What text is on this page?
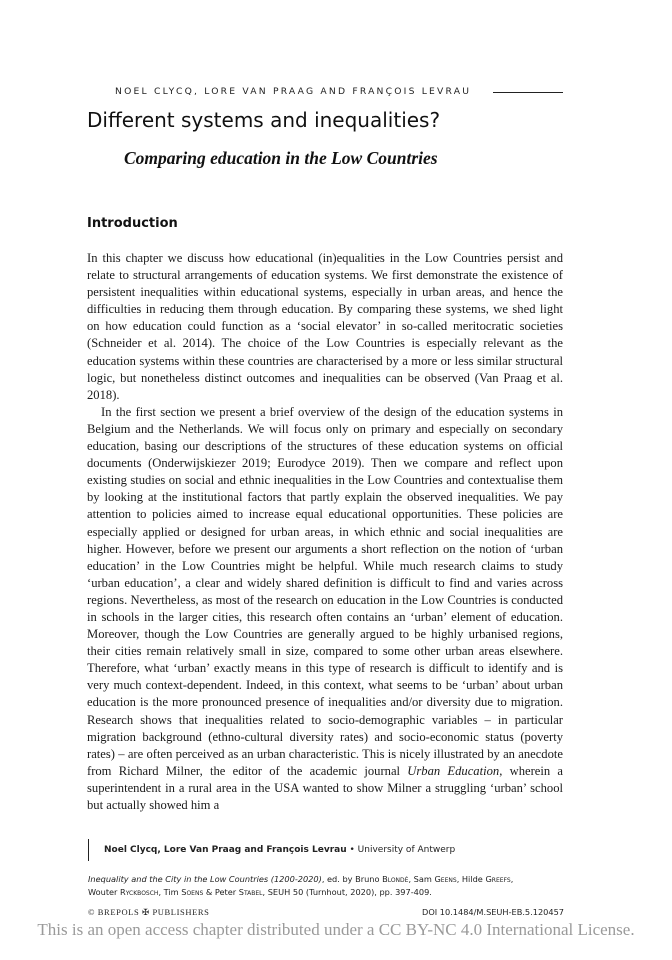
NOEL CLYCQ, LORE VAN PRAAG AND FRANÇOIS LEVRAU
Different systems and inequalities?
Comparing education in the Low Countries
Introduction

In this chapter we discuss how educational (in)equalities in the Low Countries persist and relate to structural arrangements of education systems. We first demonstrate the existence of persistent inequalities within educational systems, especially in urban areas, and hence the difficulties in reducing them through education. By comparing these systems, we shed light on how education could function as a ‘social elevator’ in so-called meritocratic societies (Schneider et al. 2014). The choice of the Low Countries is especially relevant as the education systems within these countries are characterised by a more or less similar structural logic, but nonetheless distinct outcomes and inequalities can be observed (Van Praag et al. 2018).

In the first section we present a brief overview of the design of the education systems in Belgium and the Netherlands. We will focus only on primary and especially on secondary education, basing our descriptions of the structures of these education systems on official documents (Onderwijskiezer 2019; Eurodyce 2019). Then we compare and reflect upon existing studies on social and ethnic inequalities in the Low Countries and contextualise them by looking at the institutional factors that partly explain the observed inequalities. We pay attention to policies aimed to increase equal educational opportunities. These policies are especially applied or designed for urban areas, in which ethnic and social inequalities are higher. However, before we present our arguments a short reflection on the notion of ‘urban education’ in the Low Countries might be helpful. While much research claims to study ‘urban education’, a clear and widely shared definition is difficult to find and varies across regions. Nevertheless, as most of the research on education in the Low Countries is conducted in schools in the larger cities, this research often contains an ‘urban’ element of education. Moreover, though the Low Countries are generally argued to be highly urbanised regions, their cities remain relatively small in size, compared to some other urban areas elsewhere. Therefore, what ‘urban’ exactly means in this type of research is difficult to identify and is very much context-dependent. Indeed, in this context, what seems to be ‘urban’ about urban education is the more pronounced presence of inequalities and/or diversity due to migration. Research shows that inequalities related to socio-demographic variables – in particular migration background (ethno-cultural diversity rates) and socio-economic status (poverty rates) – are often perceived as an urban characteristic. This is nicely illustrated by an anecdote from Richard Milner, the editor of the academic journal Urban Education, wherein a superintendent in a rural area in the USA wanted to show Milner a struggling ‘urban’ school but actually showed him a

Noel Clycq, Lore Van Praag and François Levrau • University of Antwerp
Inequality and the City in the Low Countries (1200-2020), ed. by Bruno Blondé, Sam Geens, Hilde Greefs,
Wouter Ryckbosch, Tim Soens & Peter Stabel, SEUH 50 (Turnhout, 2020), pp. 397-409.
© BREPOLS ✠ PUBLISHERS	DOI 10.1484/M.SEUH-EB.5.120457
This is an open access chapter distributed under a CC BY-NC 4.0 International License.
